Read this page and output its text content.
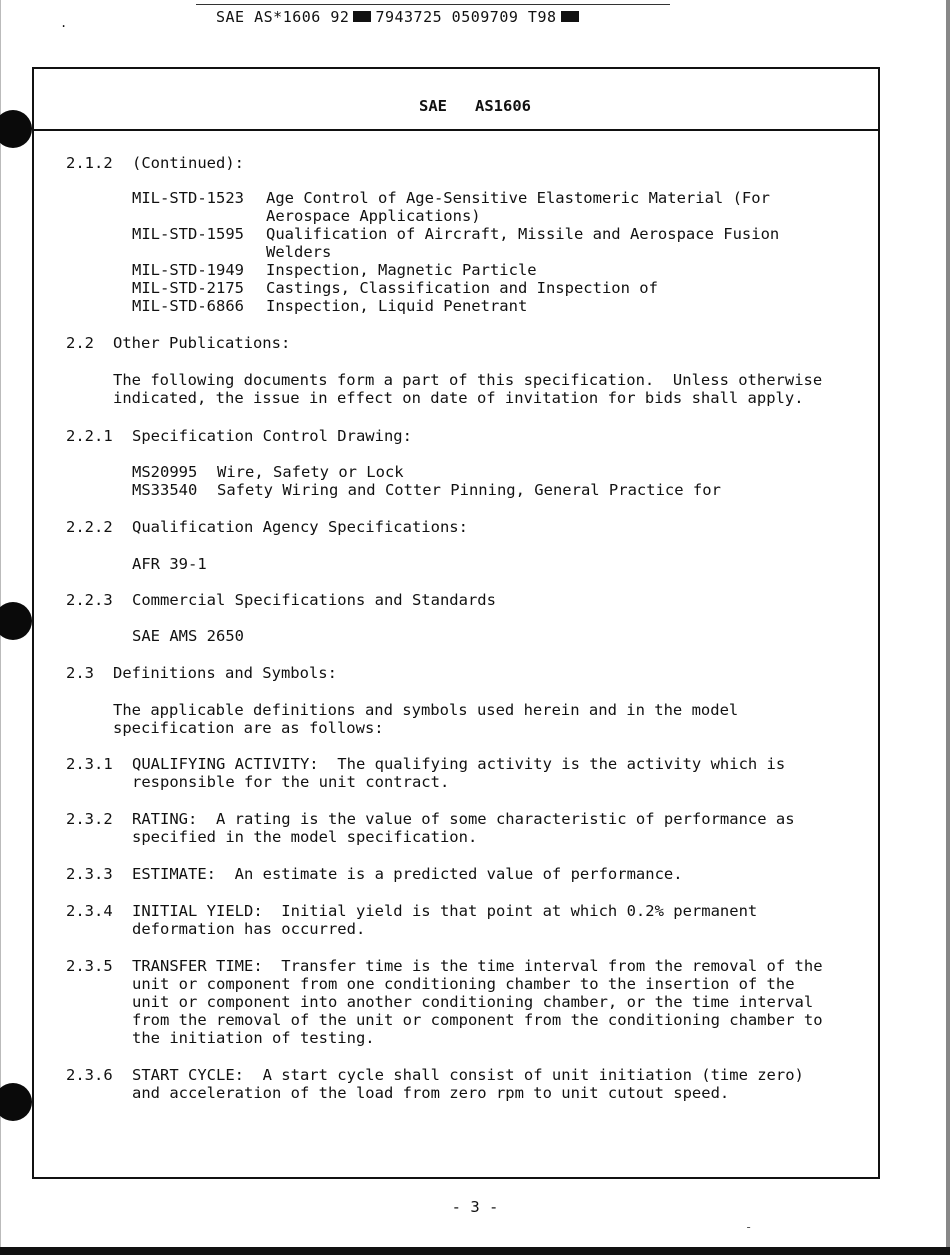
.	SAE AS*1606 92 7943725 0509709 T98
SAE   AS1606
2.1.2 (Continued):
MIL-STD-1523 Age Control of Age-Sensitive Elastomeric Material (For
Aerospace Applications)
MIL-STD-1595 Qualification of Aircraft, Missile and Aerospace Fusion
Welders
MIL-STD-1949 Inspection, Magnetic Particle
MIL-STD-2175 Castings, Classification and Inspection of
MIL-STD-6866 Inspection, Liquid Penetrant
2.2 Other Publications:
The following documents form a part of this specification.  Unless otherwise
indicated, the issue in effect on date of invitation for bids shall apply.
2.2.1 Specification Control Drawing:
MS20995 Wire, Safety or Lock
MS33540 Safety Wiring and Cotter Pinning, General Practice for
2.2.2 Qualification Agency Specifications:
AFR 39-1
2.2.3 Commercial Specifications and Standards
SAE AMS 2650
2.3 Definitions and Symbols:
The applicable definitions and symbols used herein and in the model
specification are as follows:
2.3.1 QUALIFYING ACTIVITY:  The qualifying activity is the activity which is
responsible for the unit contract.
2.3.2 RATING:  A rating is the value of some characteristic of performance as
specified in the model specification.
2.3.3 ESTIMATE:  An estimate is a predicted value of performance.
2.3.4 INITIAL YIELD:  Initial yield is that point at which 0.2% permanent
deformation has occurred.
2.3.5 TRANSFER TIME:  Transfer time is the time interval from the removal of the
unit or component from one conditioning chamber to the insertion of the
unit or component into another conditioning chamber, or the time interval
from the removal of the unit or component from the conditioning chamber to
the initiation of testing.
2.3.6 START CYCLE:  A start cycle shall consist of unit initiation (time zero)
and acceleration of the load from zero rpm to unit cutout speed.
- 3 -
-
